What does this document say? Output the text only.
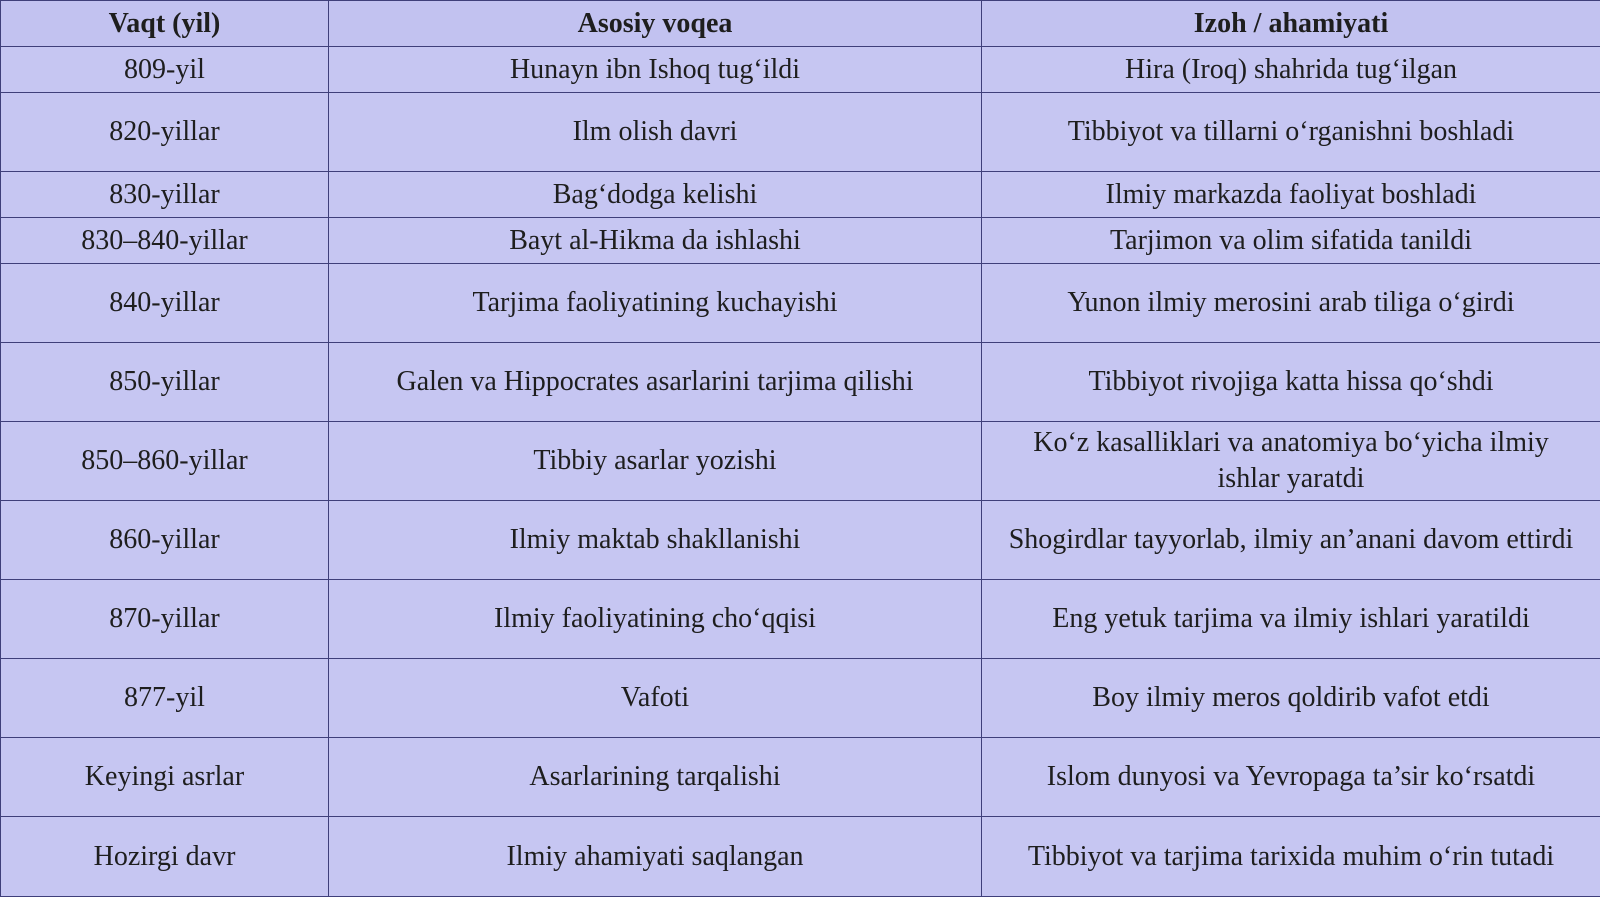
Vaqt (yil)	Asosiy voqea	Izoh / ahamiyati
809-yil	Hunayn ibn Ishoq tug‘ildi	Hira (Iroq) shahrida tug‘ilgan
820-yillar	Ilm olish davri	Tibbiyot va tillarni o‘rganishni boshladi
830-yillar	Bag‘dodga kelishi	Ilmiy markazda faoliyat boshladi
830–840-yillar	Bayt al-Hikma da ishlashi	Tarjimon va olim sifatida tanildi
840-yillar	Tarjima faoliyatining kuchayishi	Yunon ilmiy merosini arab tiliga o‘girdi
850-yillar	Galen va Hippocrates asarlarini tarjima qilishi	Tibbiyot rivojiga katta hissa qo‘shdi
850–860-yillar	Tibbiy asarlar yozishi	Ko‘z kasalliklari va anatomiya bo‘yicha ilmiy ishlar yaratdi
860-yillar	Ilmiy maktab shakllanishi	Shogirdlar tayyorlab, ilmiy an’anani davom ettirdi
870-yillar	Ilmiy faoliyatining cho‘qqisi	Eng yetuk tarjima va ilmiy ishlari yaratildi
877-yil	Vafoti	Boy ilmiy meros qoldirib vafot etdi
Keyingi asrlar	Asarlarining tarqalishi	Islom dunyosi va Yevropaga ta’sir ko‘rsatdi
Hozirgi davr	Ilmiy ahamiyati saqlangan	Tibbiyot va tarjima tarixida muhim o‘rin tutadi
